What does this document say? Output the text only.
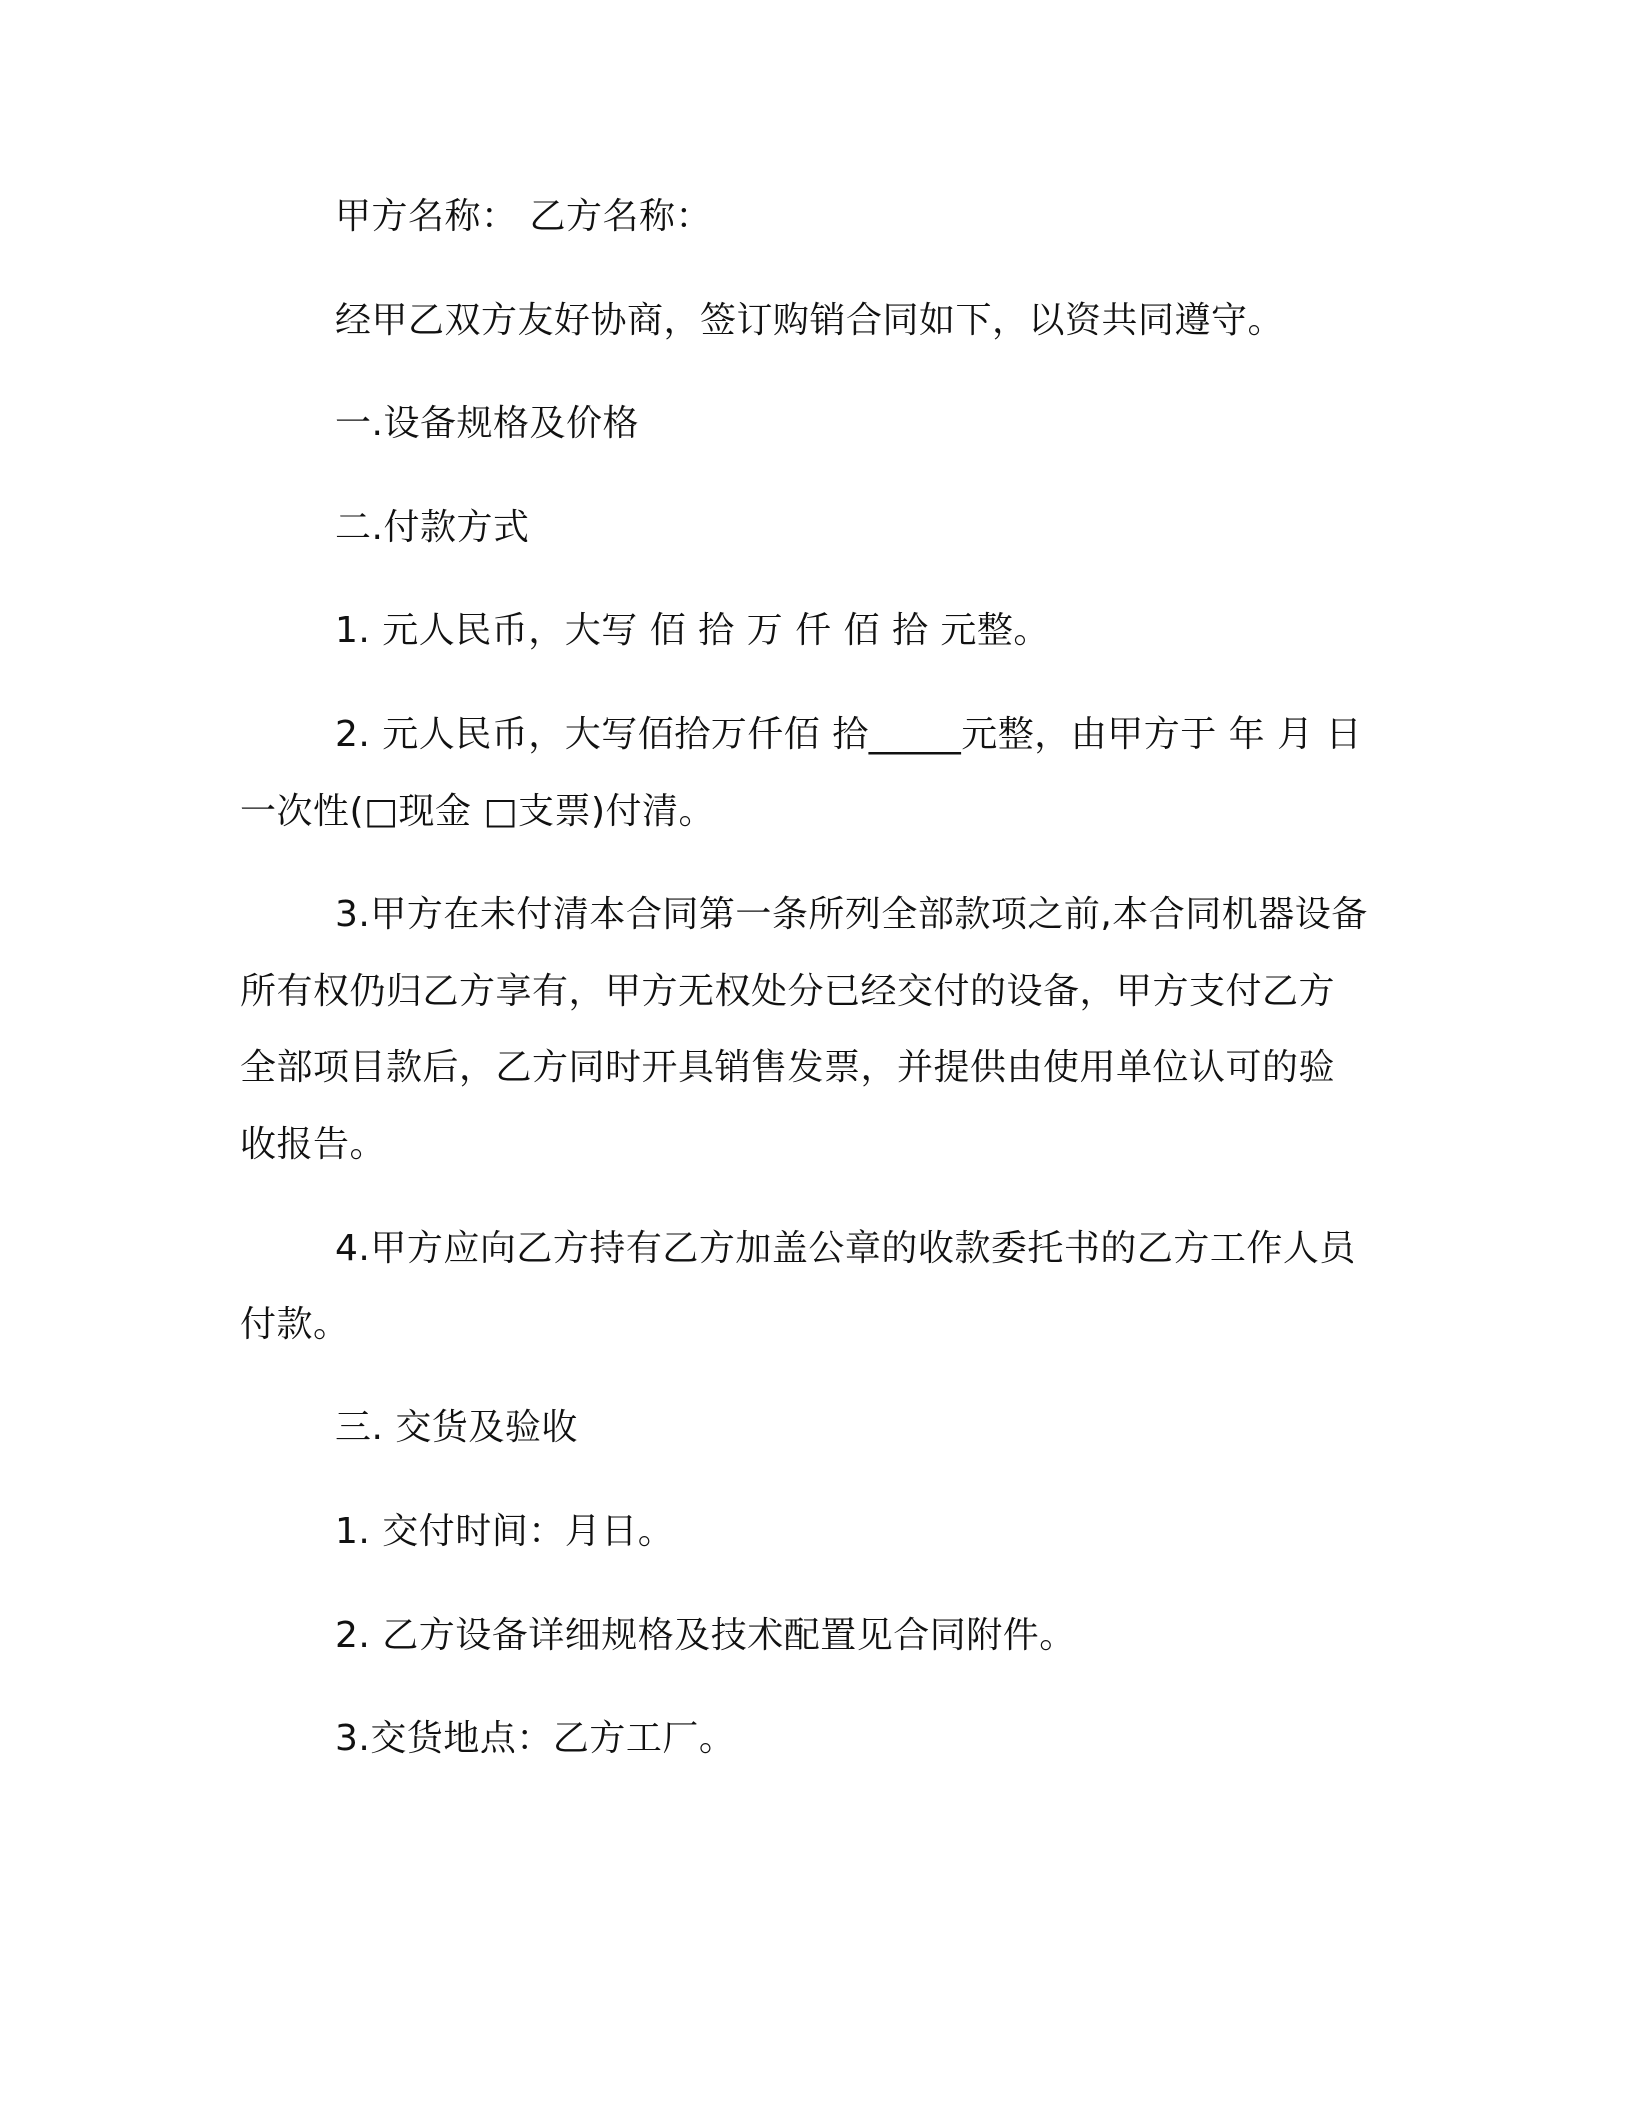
甲方名称： 乙方名称：
经甲乙双方友好协商，签订购销合同如下，以资共同遵守。
一.设备规格及价格
二.付款方式
1. 元人民币，大写 佰 拾 万 仟 佰 拾 元整。
2. 元人民币，大写佰拾万仟佰 拾_____元整，由甲方于 年 月 日
一次性(□现金 □支票)付清。
3.甲方在未付清本合同第一条所列全部款项之前,本合同机器设备
所有权仍归乙方享有，甲方无权处分已经交付的设备，甲方支付乙方
全部项目款后，乙方同时开具销售发票，并提供由使用单位认可的验
收报告。
4.甲方应向乙方持有乙方加盖公章的收款委托书的乙方工作人员
付款。
三. 交货及验收
1. 交付时间：月日。
2. 乙方设备详细规格及技术配置见合同附件。
3.交货地点：乙方工厂。
